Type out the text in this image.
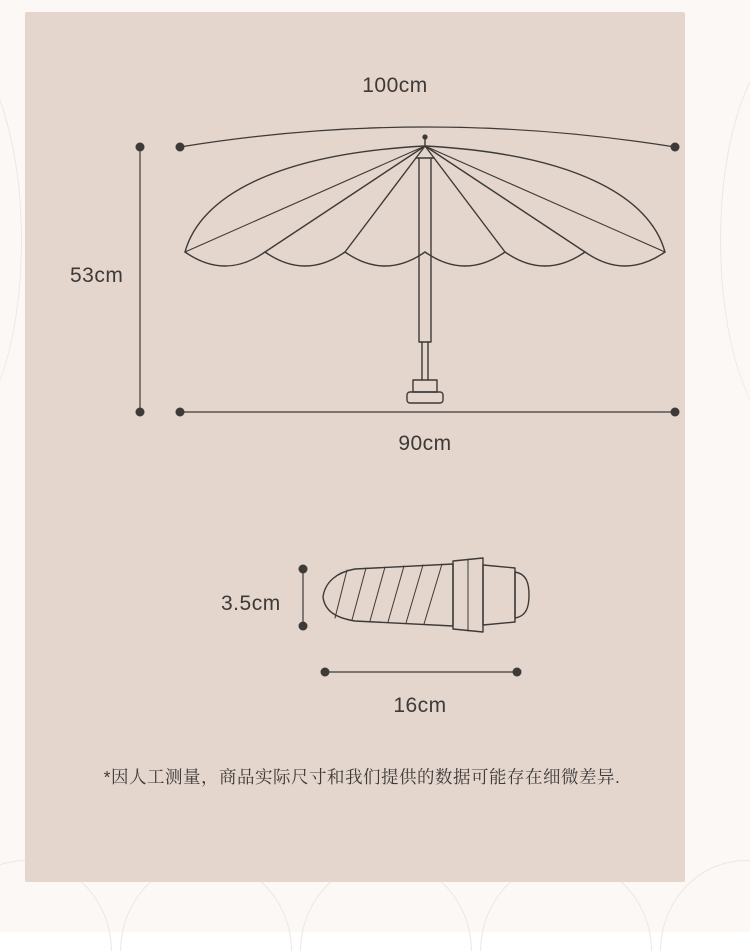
100cm
53cm
90cm
3.5cm
16cm
*因人工测量，商品实际尺寸和我们提供的数据可能存在细微差异.
